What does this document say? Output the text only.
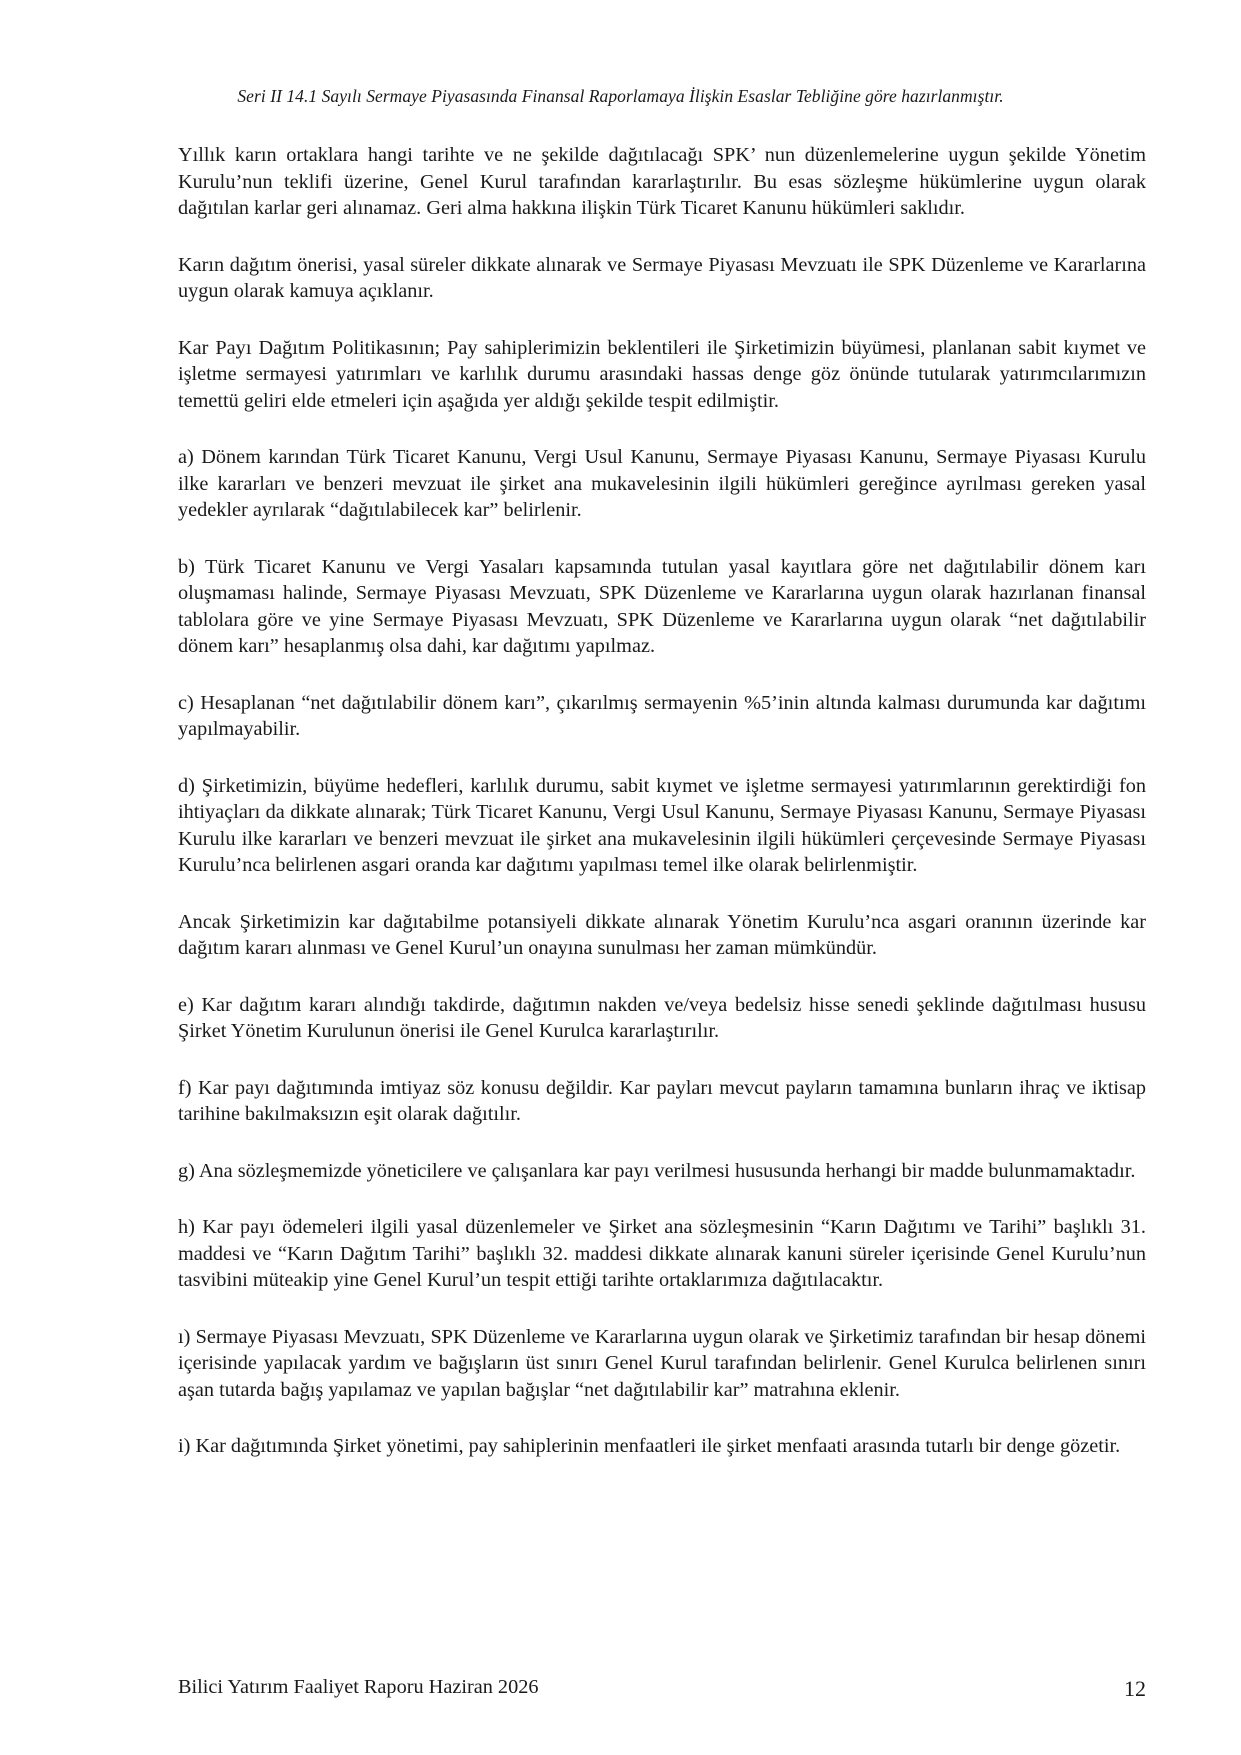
Seri II 14.1 Sayılı Sermaye Piyasasında Finansal Raporlamaya İlişkin Esaslar Tebliğine göre hazırlanmıştır.

Yıllık karın ortaklara hangi tarihte ve ne şekilde dağıtılacağı SPK’ nun düzenlemelerine uygun şekilde Yönetim Kurulu’nun teklifi üzerine, Genel Kurul tarafından kararlaştırılır. Bu esas sözleşme hükümlerine uygun olarak dağıtılan karlar geri alınamaz. Geri alma hakkına ilişkin Türk Ticaret Kanunu hükümleri saklıdır.

Karın dağıtım önerisi, yasal süreler dikkate alınarak ve Sermaye Piyasası Mevzuatı ile SPK Düzenleme ve Kararlarına uygun olarak kamuya açıklanır.

Kar Payı Dağıtım Politikasının; Pay sahiplerimizin beklentileri ile Şirketimizin büyümesi, planlanan sabit kıymet ve işletme sermayesi yatırımları ve karlılık durumu arasındaki hassas denge göz önünde tutularak yatırımcılarımızın temettü geliri elde etmeleri için aşağıda yer aldığı şekilde tespit edilmiştir.

a) Dönem karından Türk Ticaret Kanunu, Vergi Usul Kanunu, Sermaye Piyasası Kanunu, Sermaye Piyasası Kurulu ilke kararları ve benzeri mevzuat ile şirket ana mukavelesinin ilgili hükümleri gereğince ayrılması gereken yasal yedekler ayrılarak “dağıtılabilecek kar” belirlenir.

b) Türk Ticaret Kanunu ve Vergi Yasaları kapsamında tutulan yasal kayıtlara göre net dağıtılabilir dönem karı oluşmaması halinde, Sermaye Piyasası Mevzuatı, SPK Düzenleme ve Kararlarına uygun olarak hazırlanan finansal tablolara göre ve yine Sermaye Piyasası Mevzuatı, SPK Düzenleme ve Kararlarına uygun olarak “net dağıtılabilir dönem karı” hesaplanmış olsa dahi, kar dağıtımı yapılmaz.

c) Hesaplanan “net dağıtılabilir dönem karı”, çıkarılmış sermayenin %5’inin altında kalması durumunda kar dağıtımı yapılmayabilir.

d) Şirketimizin, büyüme hedefleri, karlılık durumu, sabit kıymet ve işletme sermayesi yatırımlarının gerektirdiği fon ihtiyaçları da dikkate alınarak; Türk Ticaret Kanunu, Vergi Usul Kanunu, Sermaye Piyasası Kanunu, Sermaye Piyasası Kurulu ilke kararları ve benzeri mevzuat ile şirket ana mukavelesinin ilgili hükümleri çerçevesinde Sermaye Piyasası Kurulu’nca belirlenen asgari oranda kar dağıtımı yapılması temel ilke olarak belirlenmiştir.

Ancak Şirketimizin kar dağıtabilme potansiyeli dikkate alınarak Yönetim Kurulu’nca asgari oranının üzerinde kar dağıtım kararı alınması ve Genel Kurul’un onayına sunulması her zaman mümkündür.

e) Kar dağıtım kararı alındığı takdirde, dağıtımın nakden ve/veya bedelsiz hisse senedi şeklinde dağıtılması hususu Şirket Yönetim Kurulunun önerisi ile Genel Kurulca kararlaştırılır.

f) Kar payı dağıtımında imtiyaz söz konusu değildir. Kar payları mevcut payların tamamına bunların ihraç ve iktisap tarihine bakılmaksızın eşit olarak dağıtılır.

g) Ana sözleşmemizde yöneticilere ve çalışanlara kar payı verilmesi hususunda herhangi bir madde bulunmamaktadır.

h) Kar payı ödemeleri ilgili yasal düzenlemeler ve Şirket ana sözleşmesinin “Karın Dağıtımı ve Tarihi” başlıklı 31. maddesi ve “Karın Dağıtım Tarihi” başlıklı 32. maddesi dikkate alınarak kanuni süreler içerisinde Genel Kurulu’nun tasvibini müteakip yine Genel Kurul’un tespit ettiği tarihte ortaklarımıza dağıtılacaktır.

ı) Sermaye Piyasası Mevzuatı, SPK Düzenleme ve Kararlarına uygun olarak ve Şirketimiz tarafından bir hesap dönemi içerisinde yapılacak yardım ve bağışların üst sınırı Genel Kurul tarafından belirlenir. Genel Kurulca belirlenen sınırı aşan tutarda bağış yapılamaz ve yapılan bağışlar “net dağıtılabilir kar” matrahına eklenir.

i) Kar dağıtımında Şirket yönetimi, pay sahiplerinin menfaatleri ile şirket menfaati arasında tutarlı bir denge gözetir.

Bilici Yatırım Faaliyet Raporu Haziran 2026	12
